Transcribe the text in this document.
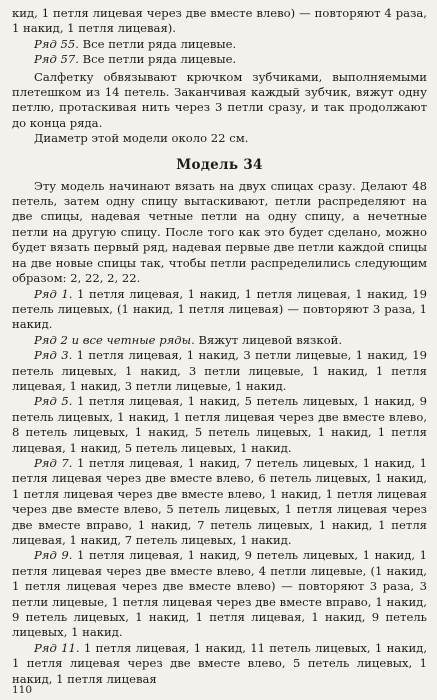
кид, 1 петля лицевая через две вместе влево) — повторяют 4 раза, 1 накид, 1 петля лицевая).

Ряд 55. Все петли ряда лицевые.

Ряд 57. Все петли ряда лицевые.

Салфетку обвязывают крючком зубчиками, выполняемыми плетешком из 14 петель. Заканчивая каждый зубчик, вяжут одну петлю, протаскивая нить через 3 петли сразу, и так продолжают до конца ряда.

Диаметр этой модели около 22 см.

Модель 34

Эту модель начинают вязать на двух спицах сразу. Делают 48 петель, затем одну спицу вытаскивают, петли распределяют на две спицы, надевая четные петли на одну спицу, а нечетные петли на другую спицу. После того как это будет сделано, можно будет вязать первый ряд, надевая первые две петли каждой спицы на две новые спицы так, чтобы петли распределились следующим образом: 2, 22, 2, 22.

Ряд 1. 1 петля лицевая, 1 накид, 1 петля лицевая, 1 накид, 19 петель лицевых, (1 накид, 1 петля лицевая) — повторяют 3 раза, 1 накид.

Ряд 2 и все четные ряды. Вяжут лицевой вязкой.

Ряд 3. 1 петля лицевая, 1 накид, 3 петли лицевые, 1 накид, 19 петель лицевых, 1 накид, 3 петли лицевые, 1 накид, 1 петля лицевая, 1 накид, 3 петли лицевые, 1 накид.

Ряд 5. 1 петля лицевая, 1 накид, 5 петель лицевых, 1 накид, 9 петель лицевых, 1 накид, 1 петля лицевая через две вместе влево, 8 петель лицевых, 1 накид, 5 петель лицевых, 1 накид, 1 петля лицевая, 1 накид, 5 петель лицевых, 1 накид.

Ряд 7. 1 петля лицевая, 1 накид, 7 петель лицевых, 1 накид, 1 петля лицевая через две вместе влево, 6 петель лицевых, 1 накид, 1 петля лицевая через две вместе влево, 1 накид, 1 петля лицевая через две вместе влево, 5 петель лицевых, 1 петля лицевая через две вместе вправо, 1 накид, 7 петель лицевых, 1 накид, 1 петля лицевая, 1 накид, 7 петель лицевых, 1 накид.

Ряд 9. 1 петля лицевая, 1 накид, 9 петель лицевых, 1 накид, 1 петля лицевая через две вместе влево, 4 петли лицевые, (1 накид, 1 петля лицевая через две вместе влево) — повторяют 3 раза, 3 петли лицевые, 1 петля лицевая через две вместе вправо, 1 накид, 9 петель лицевых, 1 накид, 1 петля лицевая, 1 накид, 9 петель лицевых, 1 накид.

Ряд 11. 1 петля лицевая, 1 накид, 11 петель лицевых, 1 накид, 1 петля лицевая через две вместе влево, 5 петель лицевых, 1 накид, 1 петля лицевая

110
